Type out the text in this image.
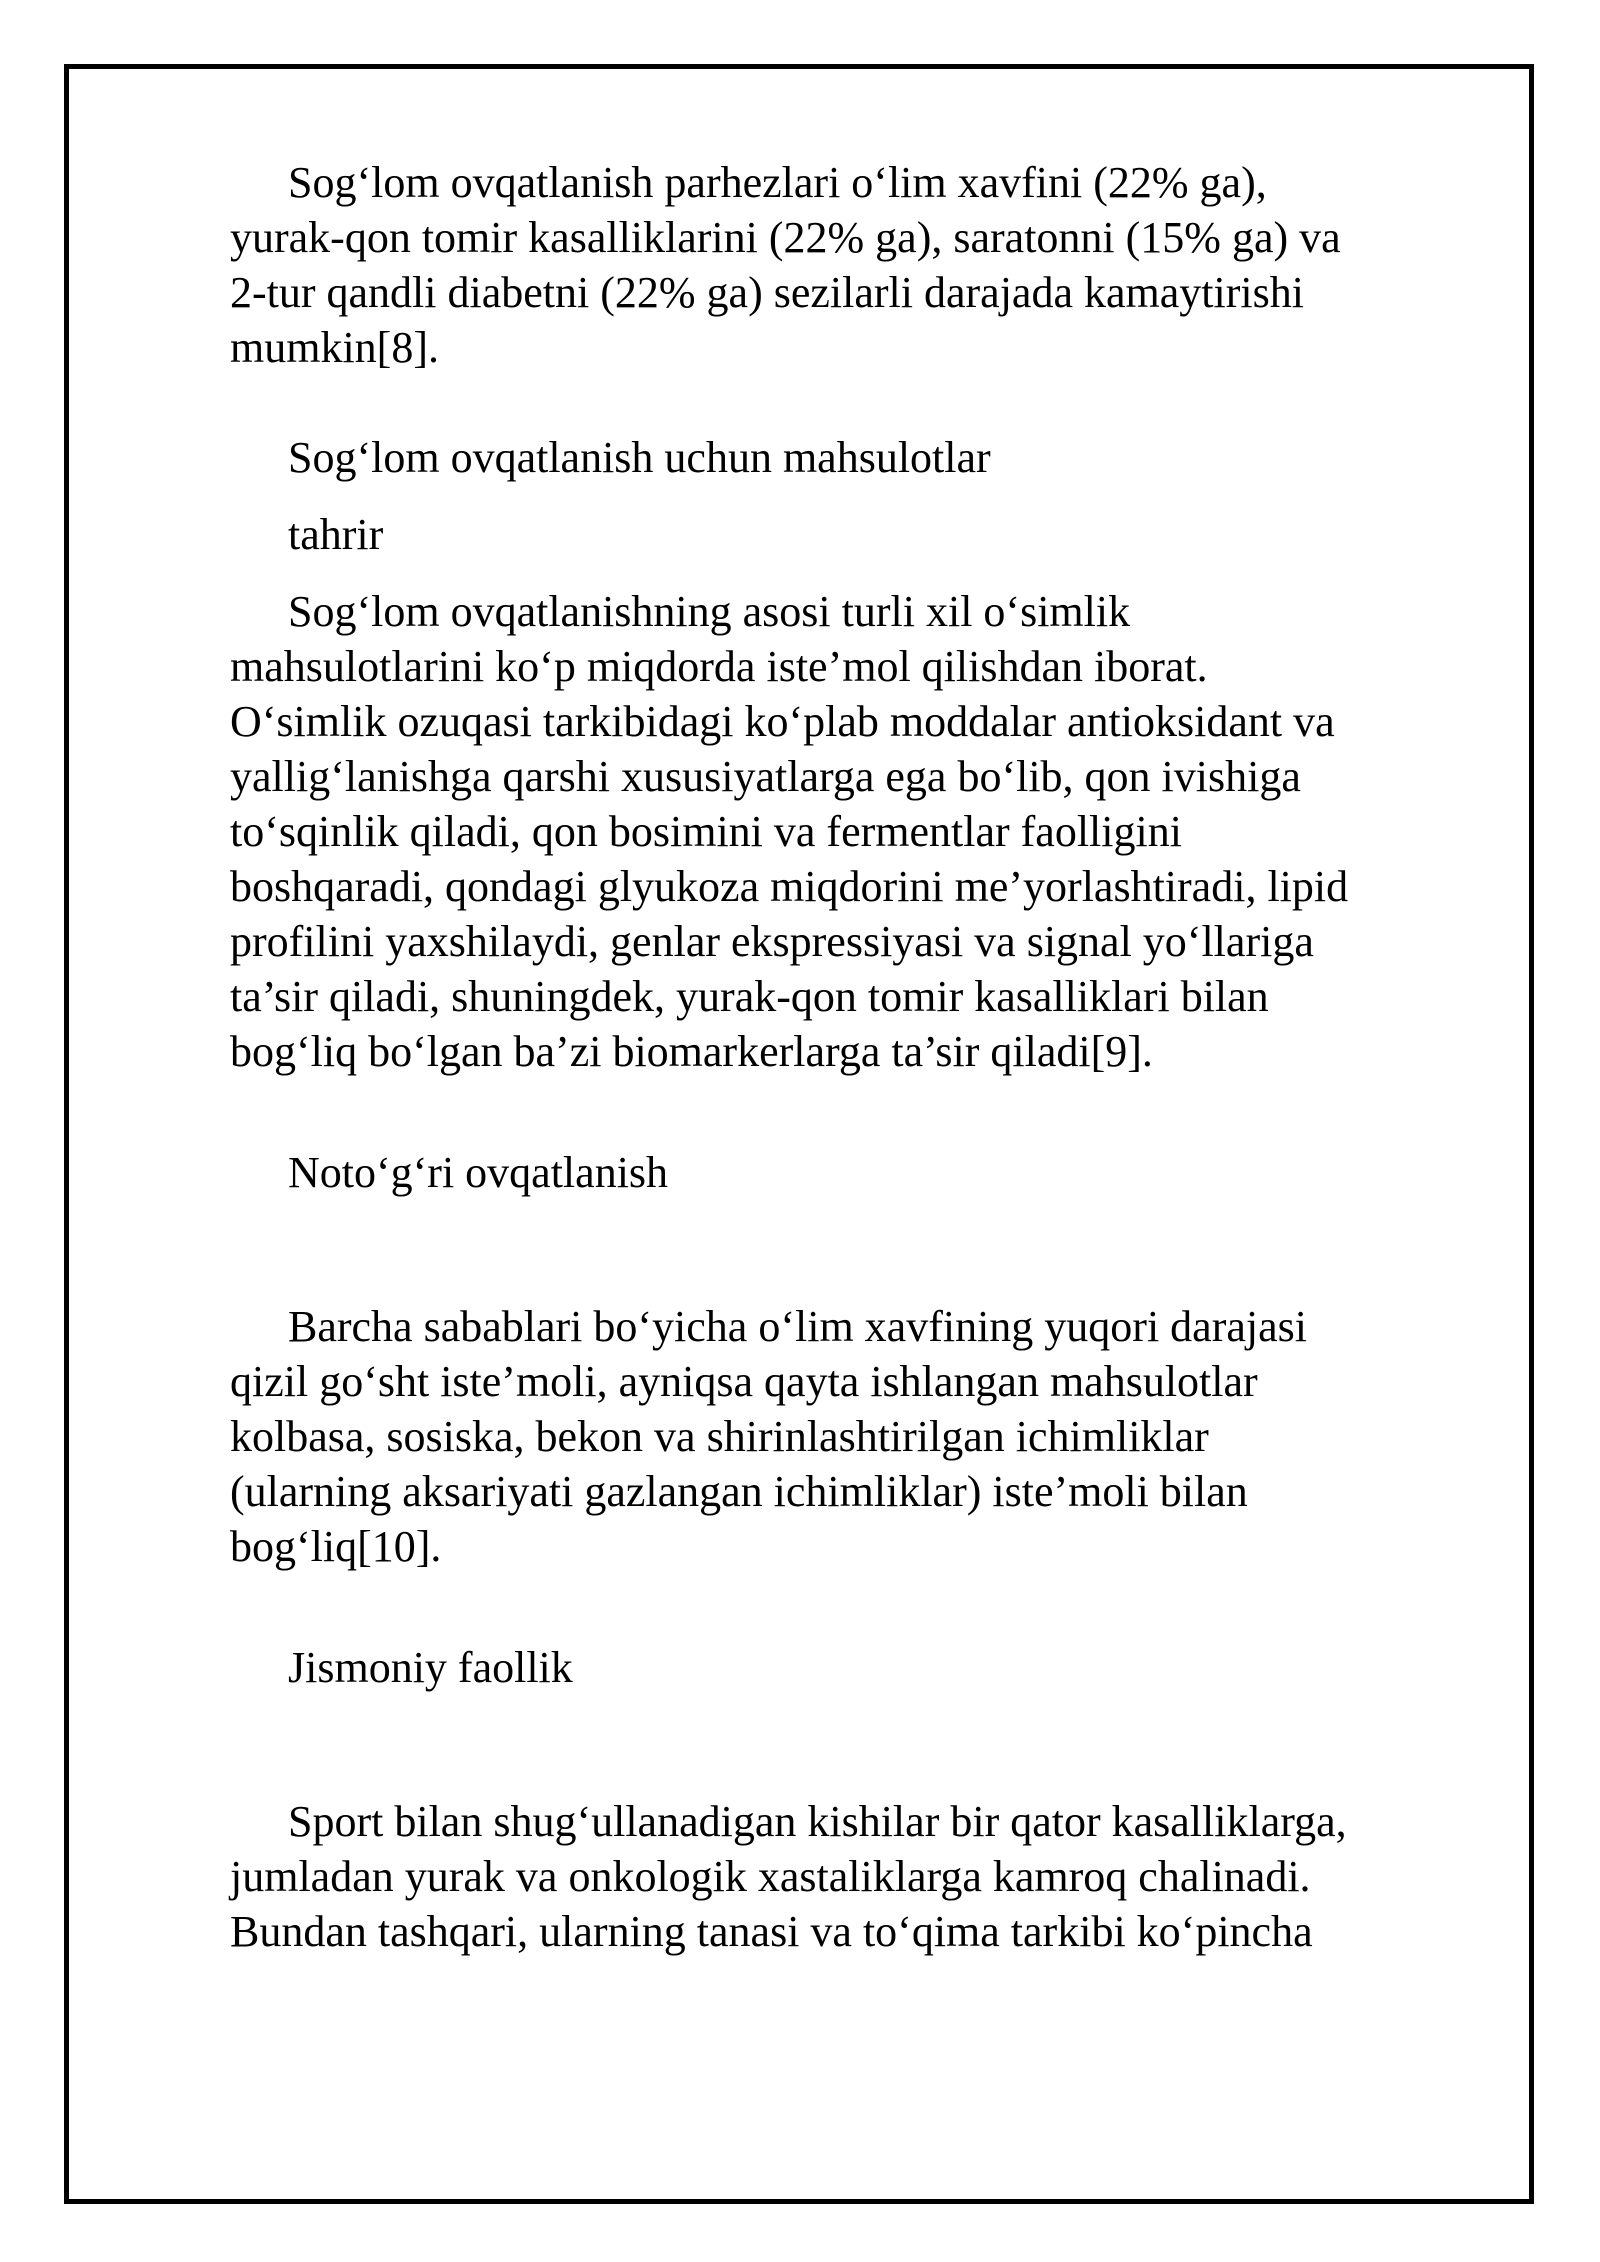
Sog‘lom ovqatlanish parhezlari o‘lim xavfini (22% ga),
yurak-qon tomir kasalliklarini (22% ga), saratonni (15% ga) va
2-tur qandli diabetni (22% ga) sezilarli darajada kamaytirishi
mumkin[8].

Sog‘lom ovqatlanish uchun mahsulotlar

tahrir

Sog‘lom ovqatlanishning asosi turli xil o‘simlik
mahsulotlarini ko‘p miqdorda iste’mol qilishdan iborat.
O‘simlik ozuqasi tarkibidagi ko‘plab moddalar antioksidant va
yallig‘lanishga qarshi xususiyatlarga ega bo‘lib, qon ivishiga
to‘sqinlik qiladi, qon bosimini va fermentlar faolligini
boshqaradi, qondagi glyukoza miqdorini me’yorlashtiradi, lipid
profilini yaxshilaydi, genlar ekspressiyasi va signal yo‘llariga
ta’sir qiladi, shuningdek, yurak-qon tomir kasalliklari bilan
bog‘liq bo‘lgan ba’zi biomarkerlarga ta’sir qiladi[9].

Noto‘g‘ri ovqatlanish

Barcha sabablari bo‘yicha o‘lim xavfining yuqori darajasi
qizil go‘sht iste’moli, ayniqsa qayta ishlangan mahsulotlar
kolbasa, sosiska, bekon va shirinlashtirilgan ichimliklar
(ularning aksariyati gazlangan ichimliklar) iste’moli bilan
bog‘liq[10].

Jismoniy faollik

Sport bilan shug‘ullanadigan kishilar bir qator kasalliklarga,
jumladan yurak va onkologik xastaliklarga kamroq chalinadi.
Bundan tashqari, ularning tanasi va to‘qima tarkibi ko‘pincha
